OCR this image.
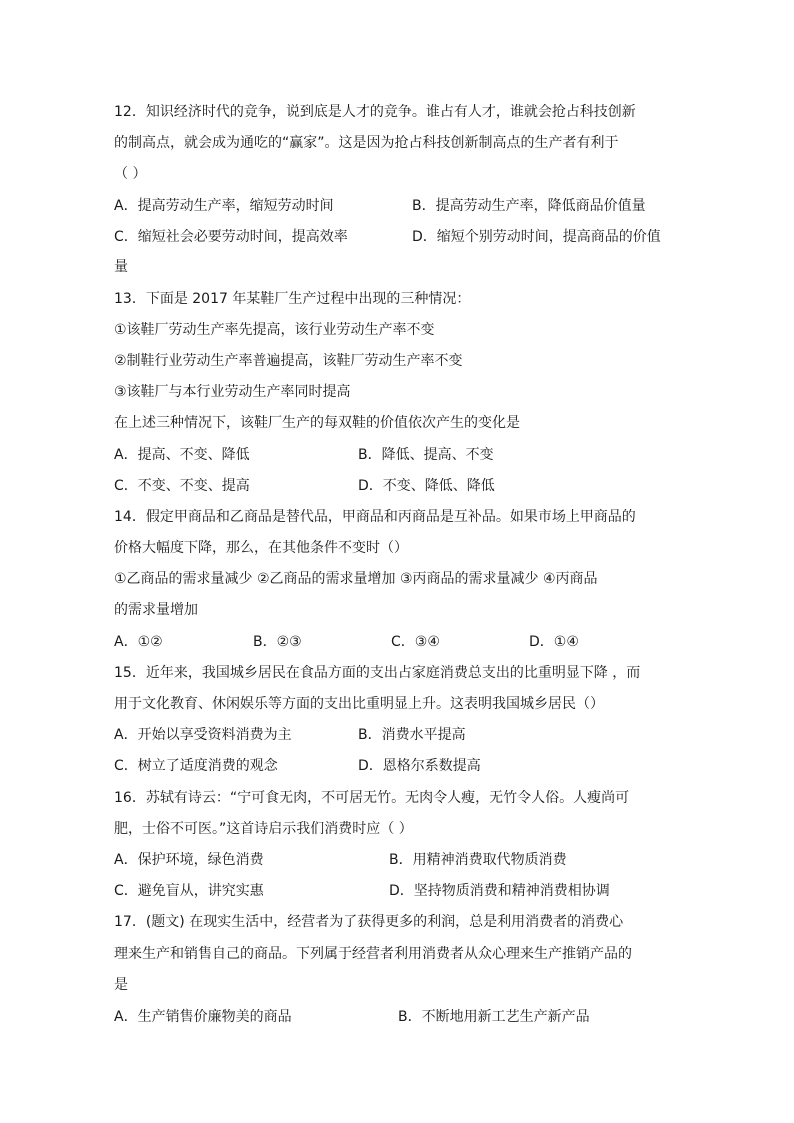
12．知识经济时代的竞争，说到底是人才的竞争。谁占有人才，谁就会抢占科技创新
的制高点，就会成为通吃的“赢家”。这是因为抢占科技创新制高点的生产者有利于
（ ）
A．提高劳动生产率，缩短劳动时间	B．提高劳动生产率，降低商品价值量
C．缩短社会必要劳动时间，提高效率	D．缩短个别劳动时间，提高商品的价值
量
13．下面是 2017 年某鞋厂生产过程中出现的三种情况：
①该鞋厂劳动生产率先提高，该行业劳动生产率不变
②制鞋行业劳动生产率普遍提高，该鞋厂劳动生产率不变
③该鞋厂与本行业劳动生产率同时提高
在上述三种情况下，该鞋厂生产的每双鞋的价值依次产生的变化是
A．提高、不变、降低	B．降低、提高、不变
C．不变、不变、提高	D．不变、降低、降低
14．假定甲商品和乙商品是替代品，甲商品和丙商品是互补品。如果市场上甲商品的
价格大幅度下降，那么，在其他条件不变时（）
①乙商品的需求量减少 ②乙商品的需求量增加 ③丙商品的需求量减少 ④丙商品
的需求量增加
A．①②	B．②③	C．③④	D．①④
15．近年来，我国城乡居民在食品方面的支出占家庭消费总支出的比重明显下降 ，而
用于文化教育、休闲娱乐等方面的支出比重明显上升。这表明我国城乡居民（）
A．开始以享受资料消费为主	B．消费水平提高
C．树立了适度消费的观念	D．恩格尔系数提高
16．苏轼有诗云：“宁可食无肉，不可居无竹。无肉令人瘦，无竹令人俗。人瘦尚可
肥，士俗不可医。”这首诗启示我们消费时应（ ）
A．保护环境，绿色消费	B．用精神消费取代物质消费
C．避免盲从，讲究实惠	D．坚持物质消费和精神消费相协调
17．(题文) 在现实生活中，经营者为了获得更多的利润，总是利用消费者的消费心
理来生产和销售自己的商品。下列属于经营者利用消费者从众心理来生产推销产品的
是
A．生产销售价廉物美的商品	B．不断地用新工艺生产新产品
